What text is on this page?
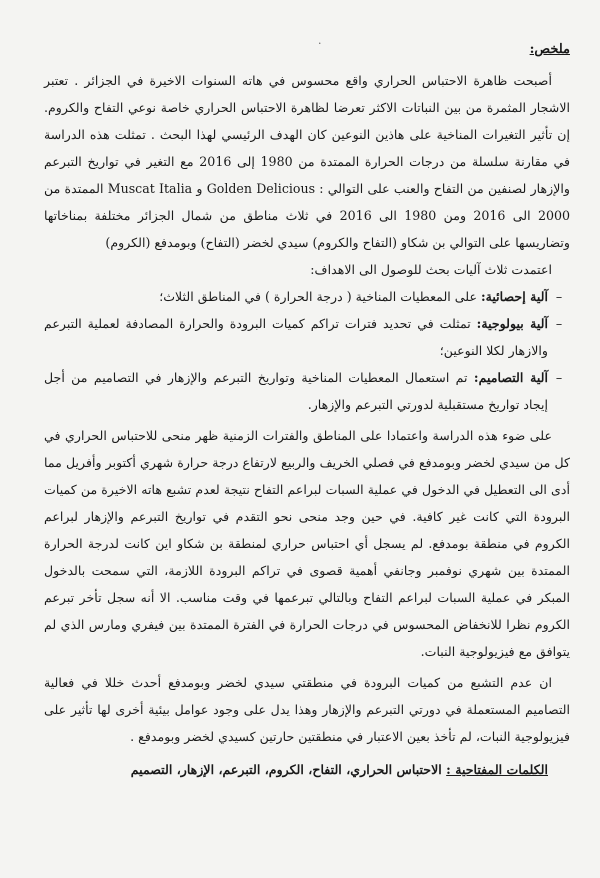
·	ملخص:

أصبحت ظاهرة الاحتباس الحراري واقع محسوس في هاته السنوات الاخيرة في الجزائر . تعتبر الاشجار المثمرة من بين النباتات الاكثر تعرضا لظاهرة الاحتباس الحراري خاصة نوعي التفاح والكروم. إن تأثير التغيرات المناخية على هاذين النوعين كان الهدف الرئيسي لهذا البحث . تمثلت هذه الدراسة في مقارنة سلسلة من درجات الحرارة الممتدة من 1980 إلى 2016 مع التغير في تواريخ التبرعم والإزهار لصنفين من التفاح والعنب على التوالي : Golden Delicious و Muscat Italia الممتدة من 2000 الى 2016 ومن 1980 الى 2016 في ثلاث مناطق من شمال الجزائر مختلفة بمناخاتها وتضاريسها على التوالي بن شكاو (التفاح والكروم) سيدي لخضر (التفاح) وبومدفع (الكروم)

اعتمدت ثلاث آليات بحث للوصول الى الاهداف:

–
آلية إحصائية: على المعطيات المناخية ( درجة الحرارة ) في المناطق الثلاث؛
–
آلية بيولوجية: تمثلت في تحديد فترات تراكم كميات البرودة والحرارة المصادفة لعملية التبرعم والازهار لكلا النوعين؛
–
آلية التصاميم: تم استعمال المعطيات المناخية وتواريخ التبرعم والإزهار في التصاميم من أجل إيجاد تواريخ مستقبلية لدورتي التبرعم والإزهار.

على ضوء هذه الدراسة واعتمادا على المناطق والفترات الزمنية ظهر منحى للاحتباس الحراري في كل من سيدي لخضر وبومدفع في فصلي الخريف والربيع لارتفاع درجة حرارة شهري أكتوبر وأفريل مما أدى الى التعطيل في الدخول في عملية السبات لبراعم التفاح نتيجة لعدم تشبع هاته الاخيرة من كميات البرودة التي كانت غير كافية. في حين وجد منحى نحو التقدم في تواريخ التبرعم والإزهار لبراعم الكروم في منطقة بومدفع. لم يسجل أي احتباس حراري لمنطقة بن شكاو اين كانت لدرجة الحرارة الممتدة بين شهري نوفمبر وجانفي أهمية قصوى في تراكم البرودة اللازمة، التي سمحت بالدخول المبكر في عملية السبات لبراعم التفاح وبالتالي تبرعمها في وقت مناسب. الا أنه سجل تأخر تبرعم الكروم نظرا للانخفاض المحسوس في درجات الحرارة في الفترة الممتدة بين فيفري ومارس الذي لم يتوافق مع فيزيولوجية النبات.

ان عدم التشبع من كميات البرودة في منطقتي سيدي لخضر وبومدفع أحدث خللا في فعالية التصاميم المستعملة في دورتي التبرعم والإزهار وهذا يدل على وجود عوامل بيئية أخرى لها تأثير على فيزيولوجية النبات، لم تأخذ بعين الاعتبار في منطقتين حارتين كسيدي لخضر وبومدفع .

الكلمات المفتاحية : الاحتباس الحراري، التفاح، الكروم، التبرعم، الإزهار، التصميم
